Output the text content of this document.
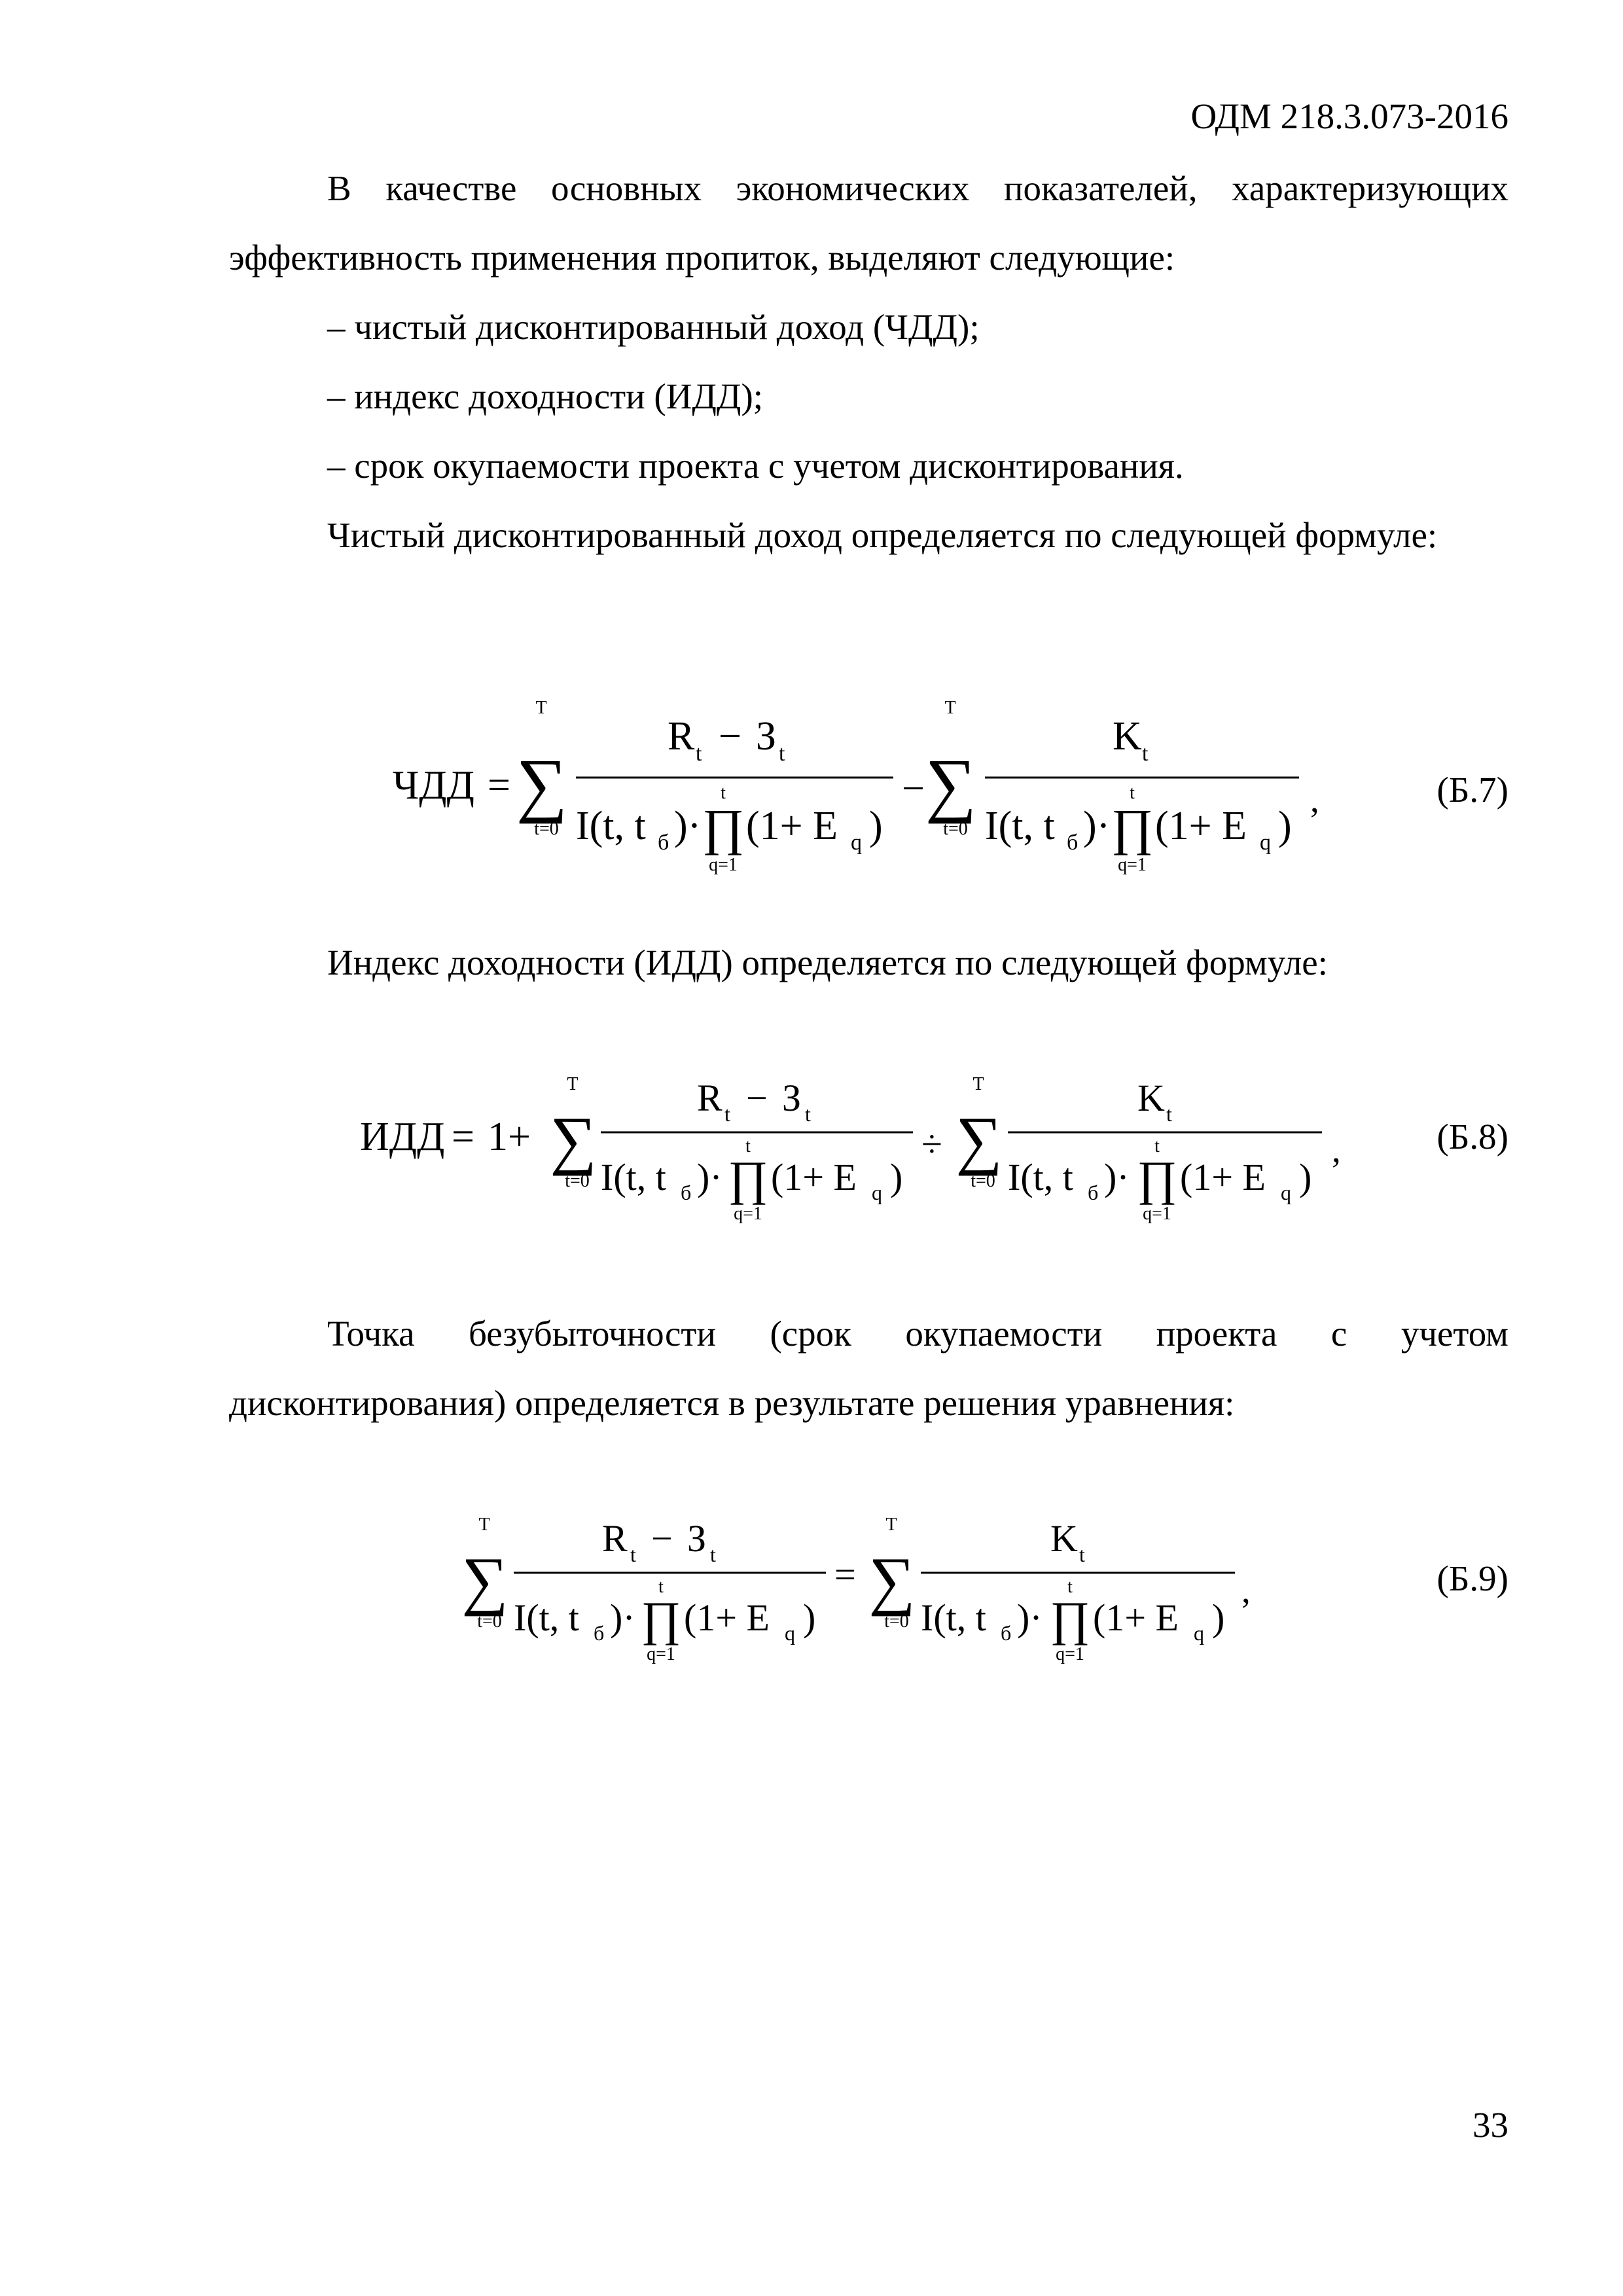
ОДМ 218.3.073-2016

В качестве основных экономических показателей, характеризующих эффективность применения пропиток, выделяют следующие:

– чистый дисконтированный доход (ЧДД);

– индекс доходности (ИДД);

– срок окупаемости проекта с учетом дисконтирования.

Чистый дисконтированный доход определяется по следующей формуле:

ЧДД =
T
∑
t=0
R t − З t
t
I(t, t б )· ∏
q=1
(1+ E q )
−
T
∑
t=0
K t
t
I(t, t б )· ∏
q=1
(1+ E q )
,	(Б.7)

Индекс доходности (ИДД) определяется по следующей формуле:

ИДД = 1+
T
∑
t=0
R t − З t
t
I(t, t б )· ∏
q=1
(1+ E q )
÷
T
∑
t=0
K t
t
I(t, t б )· ∏
q=1
(1+ E q )
,	(Б.8)

Точка безубыточности (срок окупаемости проекта с учетом дисконтирования) определяется в результате решения уравнения:

T
∑
t=0
R t − З t
t
I(t, t б )· ∏
q=1
(1+ E q )
=
T
∑
t=0
K t
t
I(t, t б )· ∏
q=1
(1+ E q )
,	(Б.9)
33
